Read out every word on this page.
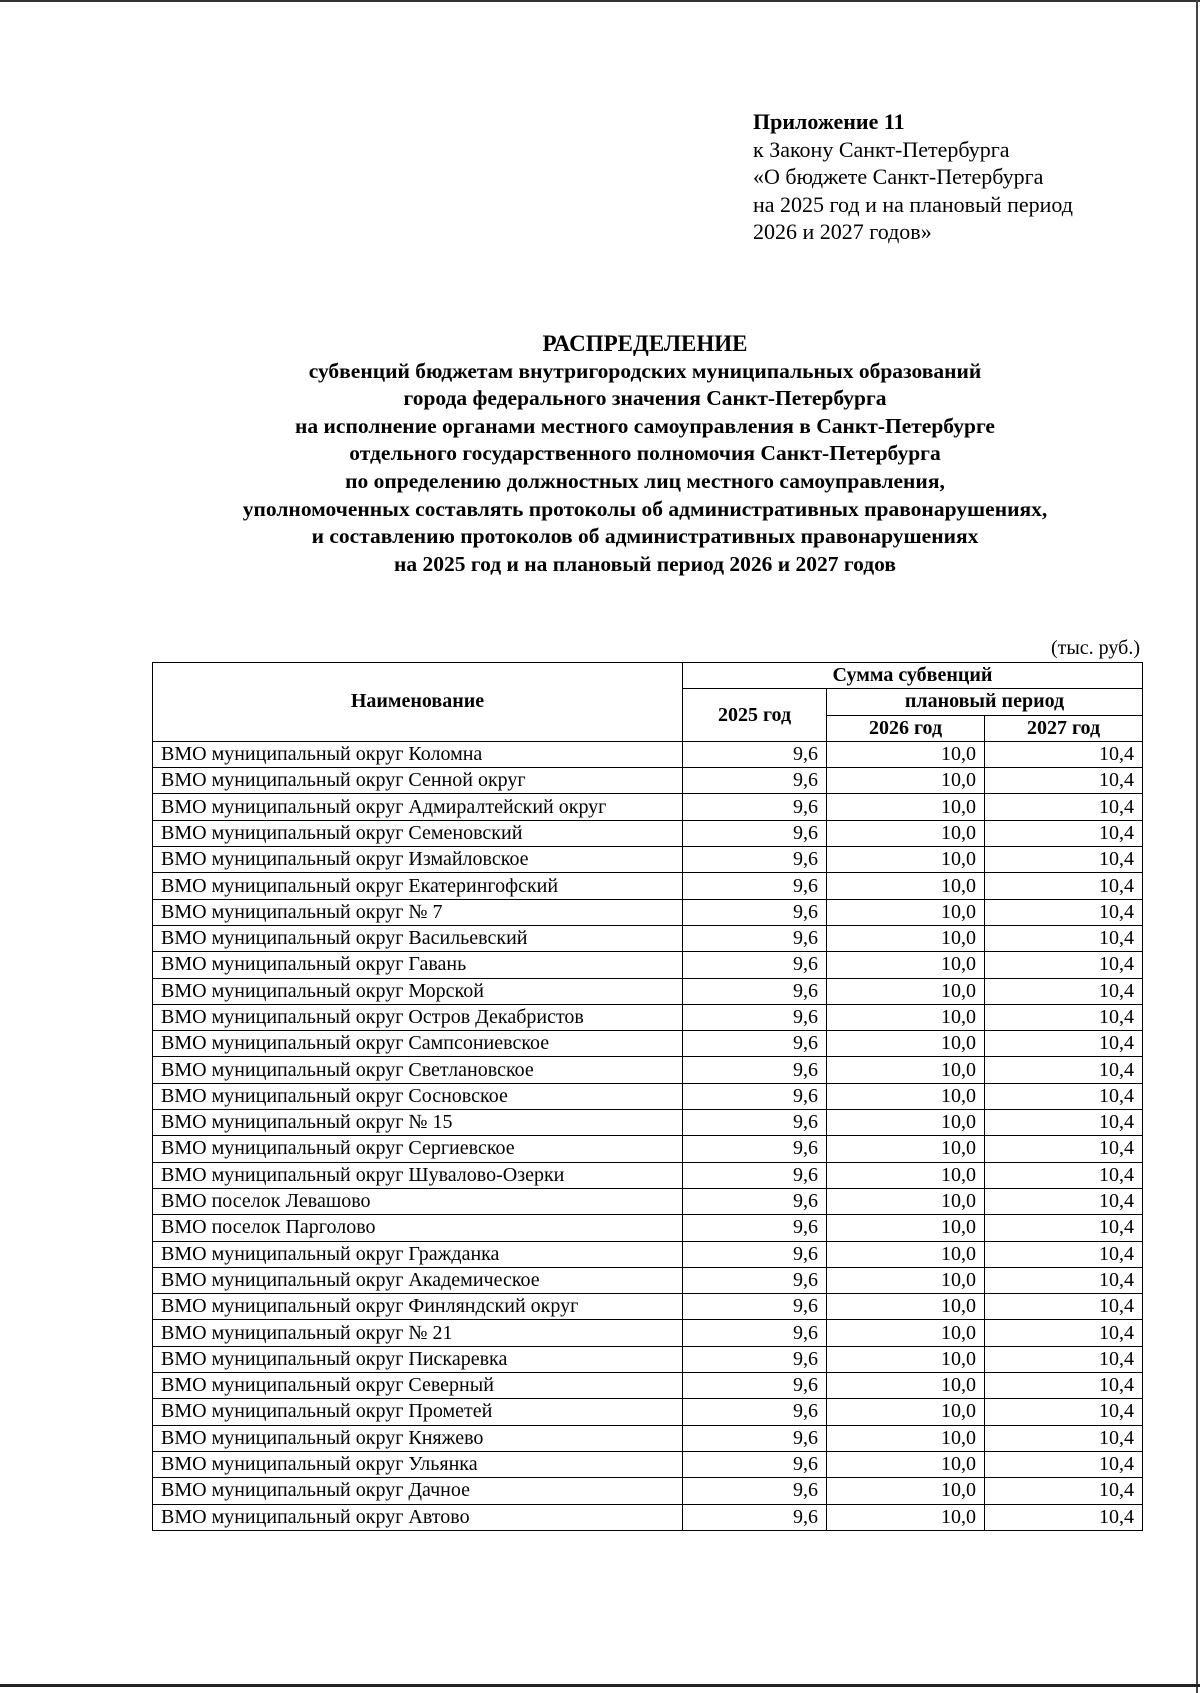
Приложение 11
к Закону Санкт-Петербурга
«О бюджете Санкт-Петербурга
на 2025 год и на плановый период
2026 и 2027 годов»
РАСПРЕДЕЛЕНИЕ
субвенций бюджетам внутригородских муниципальных образований
города федерального значения Санкт-Петербурга
на исполнение органами местного самоуправления в Санкт-Петербурге
отдельного государственного полномочия Санкт-Петербурга
по определению должностных лиц местного самоуправления,
уполномоченных составлять протоколы об административных правонарушениях,
и составлению протоколов об административных правонарушениях
на 2025 год и на плановый период 2026 и 2027 годов
(тыс. руб.)
Наименование	Сумма субвенций		
	2025 год	плановый период	
		2026 год	2027 год
ВМО муниципальный округ Коломна	9,6	10,0	10,4
ВМО муниципальный округ Сенной округ	9,6	10,0	10,4
ВМО муниципальный округ Адмиралтейский округ	9,6	10,0	10,4
ВМО муниципальный округ Семеновский	9,6	10,0	10,4
ВМО муниципальный округ Измайловское	9,6	10,0	10,4
ВМО муниципальный округ Екатерингофский	9,6	10,0	10,4
ВМО муниципальный округ № 7	9,6	10,0	10,4
ВМО муниципальный округ Васильевский	9,6	10,0	10,4
ВМО муниципальный округ Гавань	9,6	10,0	10,4
ВМО муниципальный округ Морской	9,6	10,0	10,4
ВМО муниципальный округ Остров Декабристов	9,6	10,0	10,4
ВМО муниципальный округ Сампсониевское	9,6	10,0	10,4
ВМО муниципальный округ Светлановское	9,6	10,0	10,4
ВМО муниципальный округ Сосновское	9,6	10,0	10,4
ВМО муниципальный округ № 15	9,6	10,0	10,4
ВМО муниципальный округ Сергиевское	9,6	10,0	10,4
ВМО муниципальный округ Шувалово-Озерки	9,6	10,0	10,4
ВМО поселок Левашово	9,6	10,0	10,4
ВМО поселок Парголово	9,6	10,0	10,4
ВМО муниципальный округ Гражданка	9,6	10,0	10,4
ВМО муниципальный округ Академическое	9,6	10,0	10,4
ВМО муниципальный округ Финляндский округ	9,6	10,0	10,4
ВМО муниципальный округ № 21	9,6	10,0	10,4
ВМО муниципальный округ Пискаревка	9,6	10,0	10,4
ВМО муниципальный округ Северный	9,6	10,0	10,4
ВМО муниципальный округ Прометей	9,6	10,0	10,4
ВМО муниципальный округ Княжево	9,6	10,0	10,4
ВМО муниципальный округ Ульянка	9,6	10,0	10,4
ВМО муниципальный округ Дачное	9,6	10,0	10,4
ВМО муниципальный округ Автово	9,6	10,0	10,4
